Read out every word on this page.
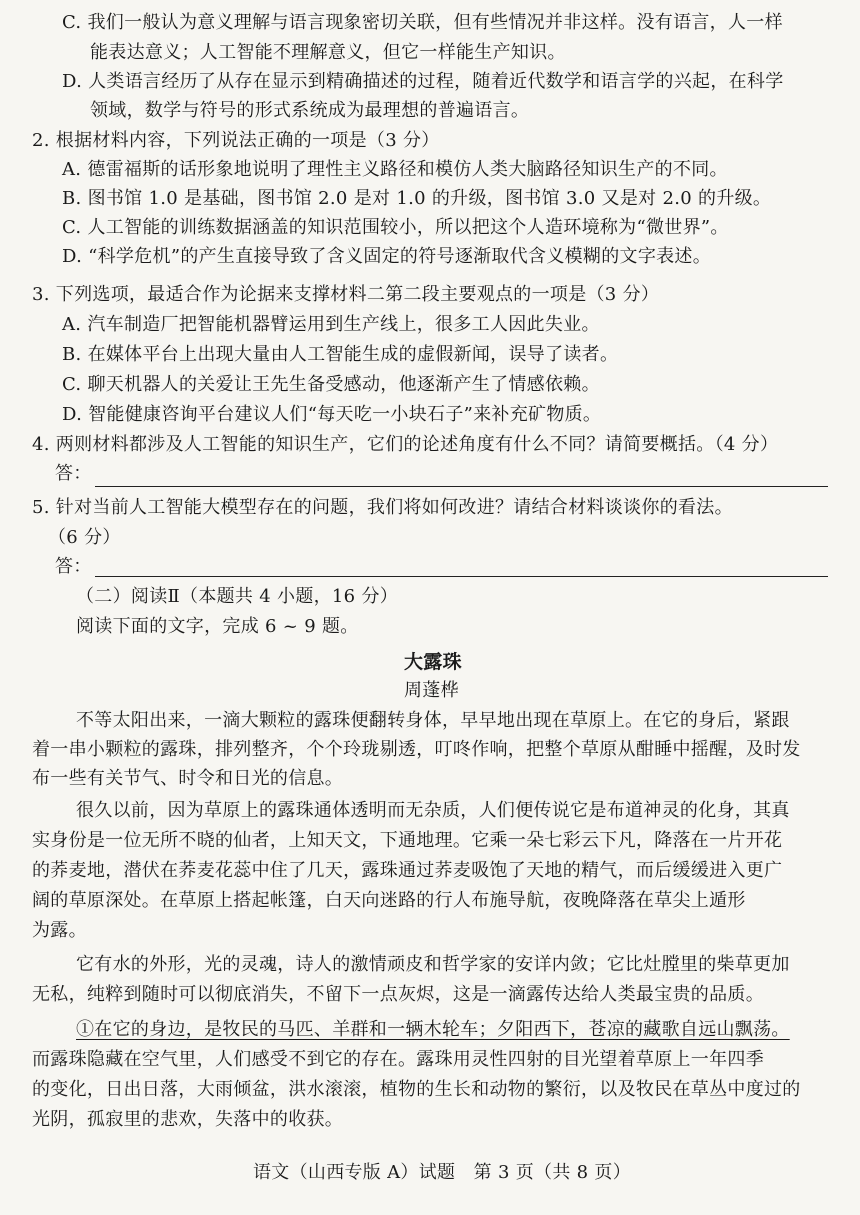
C. 我们一般认为意义理解与语言现象密切关联，但有些情况并非这样。没有语言，人一样
能表达意义；人工智能不理解意义，但它一样能生产知识。
D. 人类语言经历了从存在显示到精确描述的过程，随着近代数学和语言学的兴起，在科学
领域，数学与符号的形式系统成为最理想的普遍语言。
2. 根据材料内容，下列说法正确的一项是（3 分）
A. 德雷福斯的话形象地说明了理性主义路径和模仿人类大脑路径知识生产的不同。
B. 图书馆 1.0 是基础，图书馆 2.0 是对 1.0 的升级，图书馆 3.0 又是对 2.0 的升级。
C. 人工智能的训练数据涵盖的知识范围较小，所以把这个人造环境称为“微世界”。
D. “科学危机”的产生直接导致了含义固定的符号逐渐取代含义模糊的文字表述。
3. 下列选项，最适合作为论据来支撑材料二第二段主要观点的一项是（3 分）
A. 汽车制造厂把智能机器臂运用到生产线上，很多工人因此失业。
B. 在媒体平台上出现大量由人工智能生成的虚假新闻，误导了读者。
C. 聊天机器人的关爱让王先生备受感动，他逐渐产生了情感依赖。
D. 智能健康咨询平台建议人们“每天吃一小块石子”来补充矿物质。
4. 两则材料都涉及人工智能的知识生产，它们的论述角度有什么不同？请简要概括。（4 分）
答：
5. 针对当前人工智能大模型存在的问题，我们将如何改进？请结合材料谈谈你的看法。
（6 分）
答：
（二）阅读Ⅱ（本题共 4 小题，16 分）
阅读下面的文字，完成 6 ~ 9 题。
大露珠
周蓬桦
不等太阳出来，一滴大颗粒的露珠便翻转身体，早早地出现在草原上。在它的身后，紧跟
着一串小颗粒的露珠，排列整齐，个个玲珑剔透，叮咚作响，把整个草原从酣睡中摇醒，及时发
布一些有关节气、时令和日光的信息。
很久以前，因为草原上的露珠通体透明而无杂质，人们便传说它是布道神灵的化身，其真
实身份是一位无所不晓的仙者，上知天文，下通地理。它乘一朵七彩云下凡，降落在一片开花
的荞麦地，潜伏在荞麦花蕊中住了几天，露珠通过荞麦吸饱了天地的精气，而后缓缓进入更广
阔的草原深处。在草原上搭起帐篷，白天向迷路的行人布施导航，夜晚降落在草尖上遁形
为露。
它有水的外形，光的灵魂，诗人的激情顽皮和哲学家的安详内敛；它比灶膛里的柴草更加
无私，纯粹到随时可以彻底消失，不留下一点灰烬，这是一滴露传达给人类最宝贵的品质。
①在它的身边，是牧民的马匹、羊群和一辆木轮车；夕阳西下，苍凉的藏歌自远山飘荡。
而露珠隐藏在空气里，人们感受不到它的存在。露珠用灵性四射的目光望着草原上一年四季
的变化，日出日落，大雨倾盆，洪水滚滚，植物的生长和动物的繁衍，以及牧民在草丛中度过的
光阴，孤寂里的悲欢，失落中的收获。
语文（山西专版 A）试题　第 3 页（共 8 页）
